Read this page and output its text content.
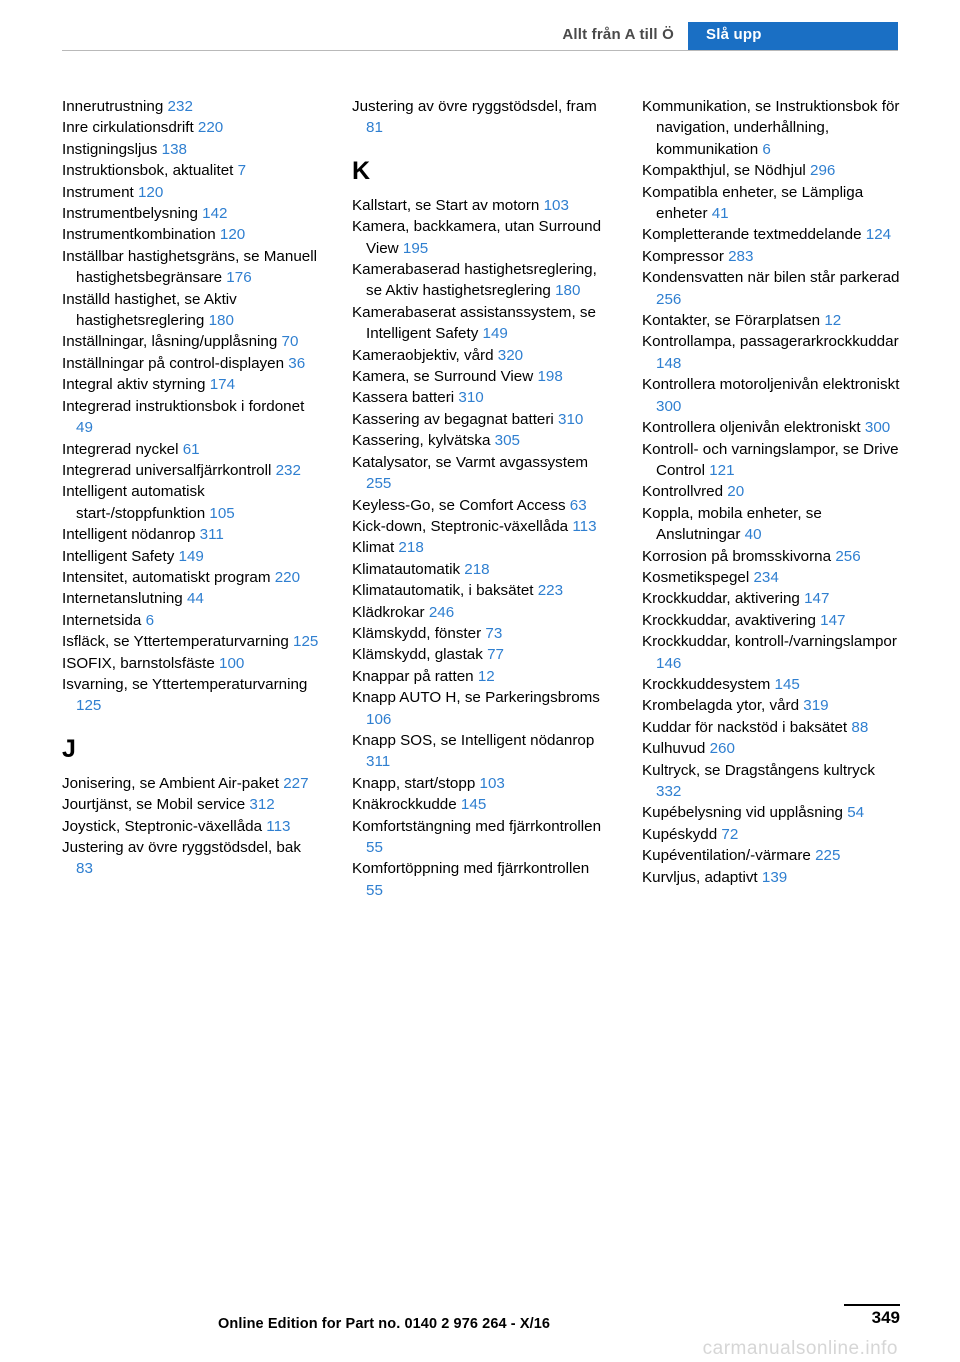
Allt från A till Ö	Slå upp
Innerutrustning 232
Inre cirkulationsdrift 220
Instigningsljus 138
Instruktionsbok, aktualitet 7
Instrument 120
Instrumentbelysning 142
Instrumentkombination 120
Inställbar hastighetsgräns, se Manuell hastighetsbegränsare 176
Inställd hastighet, se Aktiv hastighetsreglering 180
Inställningar, låsning/upplåsning 70
Inställningar på control-displayen 36
Integral aktiv styrning 174
Integrerad instruktionsbok i fordonet 49
Integrerad nyckel 61
Integrerad universalfjärrkontroll 232
Intelligent automatisk start-/stoppfunktion 105
Intelligent nödanrop 311
Intelligent Safety 149
Intensitet, automatiskt program 220
Internetanslutning 44
Internetsida 6
Isfläck, se Yttertemperaturvarning 125
ISOFIX, barnstolsfäste 100
Isvarning, se Yttertemperaturvarning 125
J
Jonisering, se Ambient Air-paket 227
Jourtjänst, se Mobil service 312
Joystick, Steptronic-växellåda 113
Justering av övre ryggstödsdel, bak 83
Justering av övre ryggstödsdel, fram 81
K
Kallstart, se Start av motorn 103
Kamera, backkamera, utan Surround View 195
Kamerabaserad hastighetsreglering, se Aktiv hastighetsreglering 180
Kamerabaserat assistanssystem, se Intelligent Safety 149
Kameraobjektiv, vård 320
Kamera, se Surround View 198
Kassera batteri 310
Kassering av begagnat batteri 310
Kassering, kylvätska 305
Katalysator, se Varmt avgassystem 255
Keyless-Go, se Comfort Access 63
Kick-down, Steptronic-växellåda 113
Klimat 218
Klimatautomatik 218
Klimatautomatik, i baksätet 223
Klädkrokar 246
Klämskydd, fönster 73
Klämskydd, glastak 77
Knappar på ratten 12
Knapp AUTO H, se Parkeringsbroms 106
Knapp SOS, se Intelligent nödanrop 311
Knapp, start/stopp 103
Knäkrockkudde 145
Komfortstängning med fjärrkontrollen 55
Komfortöppning med fjärrkontrollen 55
Kommunikation, se Instruktionsbok för navigation, underhållning, kommunikation 6
Kompakthjul, se Nödhjul 296
Kompatibla enheter, se Lämpliga enheter 41
Kompletterande textmeddelande 124
Kompressor 283
Kondensvatten när bilen står parkerad 256
Kontakter, se Förarplatsen 12
Kontrollampa, passagerarkrockkuddar 148
Kontrollera motoroljenivån elektroniskt 300
Kontrollera oljenivån elektroniskt 300
Kontroll- och varningslampor, se Drive Control 121
Kontrollvred 20
Koppla, mobila enheter, se Anslutningar 40
Korrosion på bromsskivorna 256
Kosmetikspegel 234
Krockkuddar, aktivering 147
Krockkuddar, avaktivering 147
Krockkuddar, kontroll-/varningslampor 146
Krockkuddesystem 145
Krombelagda ytor, vård 319
Kuddar för nackstöd i baksätet 88
Kulhuvud 260
Kultryck, se Dragstångens kultryck 332
Kupébelysning vid upplåsning 54
Kupéskydd 72
Kupéventilation/-värmare 225
Kurvljus, adaptivt 139
349
Online Edition for Part no. 0140 2 976 264 - X/16
carmanualsonline.info
